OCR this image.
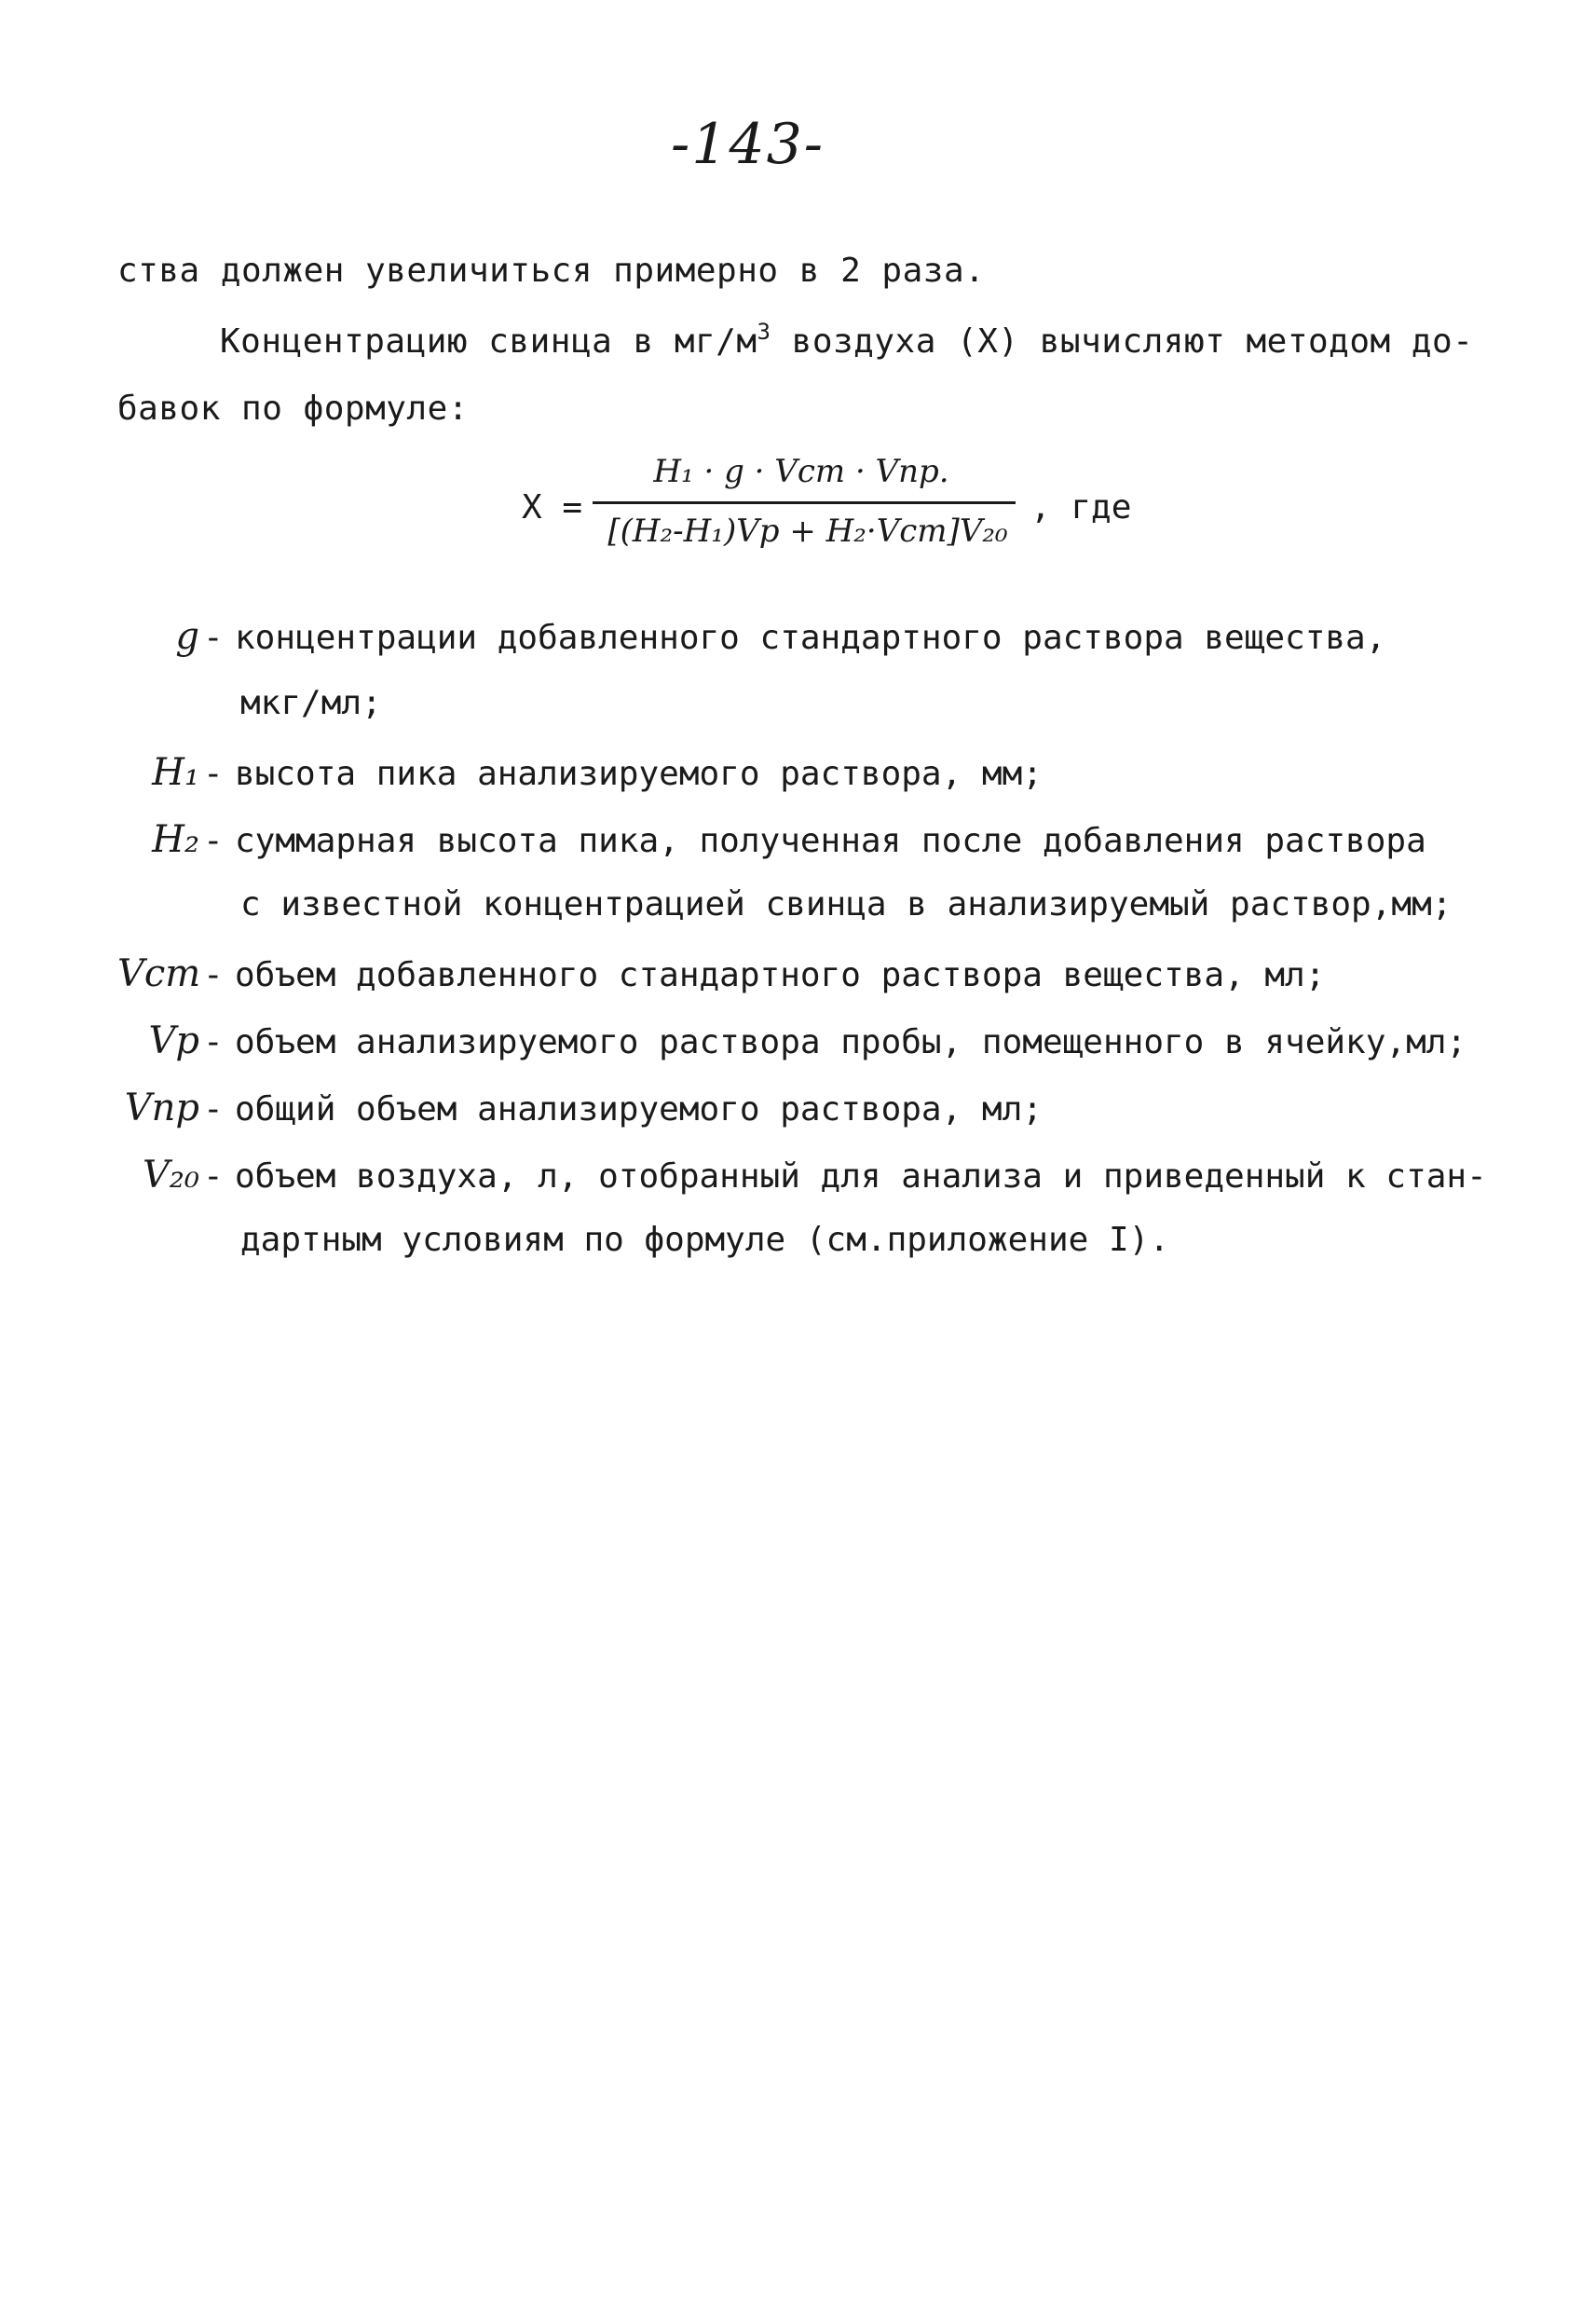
-143-
ства должен увеличиться примерно в 2 раза.
Концентрацию свинца в $мг/м^3$ воздуха (X) вычисляют методом до-
бавок по формуле:
X =
H₁ · g · Vст · Vпр.
[(H₂-H₁)Vр + H₂·Vст]V₂₀
, где
g - концентрации добавленного стандартного раствора вещества,
мкг/мл;
H₁ - высота пика анализируемого раствора, мм;
H₂ - суммарная высота пика, полученная после добавления раствора
с известной концентрацией свинца в анализируемый раствор,мм;
Vст- объем добавленного стандартного раствора вещества, мл;
Vр - объем анализируемого раствора пробы, помещенного в ячейку,мл;
Vпр - общий объем анализируемого раствора, мл;
V₂₀ - объем воздуха, л, отобранный для анализа и приведенный к стан-
дартным условиям по формуле (см.приложение I).
